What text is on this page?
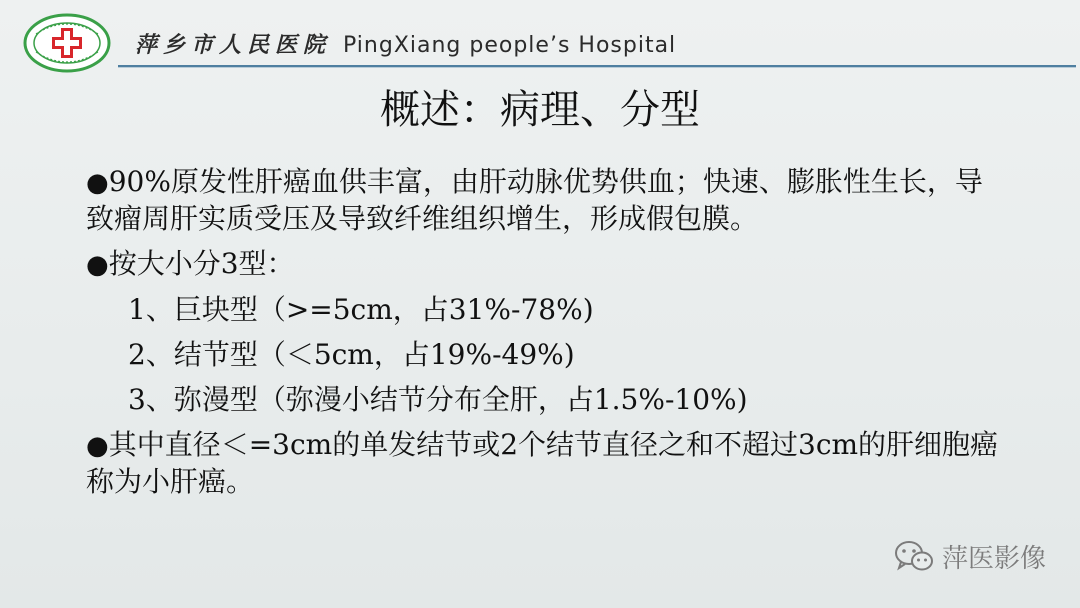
萍乡市人民医院 PingXiang people’s Hospital
概述：病理、分型

●90%原发性肝癌血供丰富，由肝动脉优势供血；快速、膨胀性生长，导致瘤周肝实质受压及导致纤维组织增生，形成假包膜。

●按大小分3型：

1、巨块型（>=5cm，占31%-78%)

2、结节型（＜5cm，占19%-49%)

3、弥漫型（弥漫小结节分布全肝，占1.5%-10%)

●其中直径＜=3cm的单发结节或2个结节直径之和不超过3cm的肝细胞癌称为小肝癌。

萍医影像
